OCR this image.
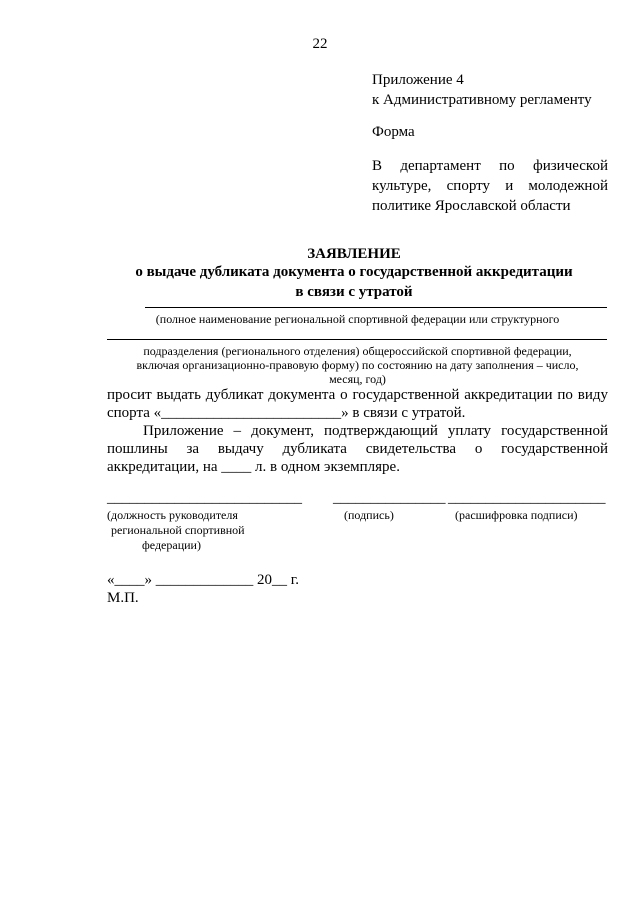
22
Приложение 4
к Административному регламенту
Форма
В департамент по физической культуре, спорту и молодежной политике Ярославской области
ЗАЯВЛЕНИЕ
о выдаче дубликата документа о государственной аккредитации
в связи с утратой
(полное наименование региональной спортивной федерации или структурного
подразделения (регионального отделения) общероссийской спортивной федерации,
включая организационно-правовую форму) по состоянию на дату заполнения – число,
месяц, год)
просит выдать дубликат документа о государственной аккредитации по виду
спорта «________________________» в связи с утратой.
Приложение – документ, подтверждающий уплату государственной
пошлины за выдачу дубликата свидетельства о государственной
аккредитации, на ____ л. в одном экземпляре.
__________________________ _______________ _____________________
(должность руководителя
региональной спортивной
федерации)
(подпись)	(расшифровка подписи)
«____» _____________ 20__ г.
М.П.
